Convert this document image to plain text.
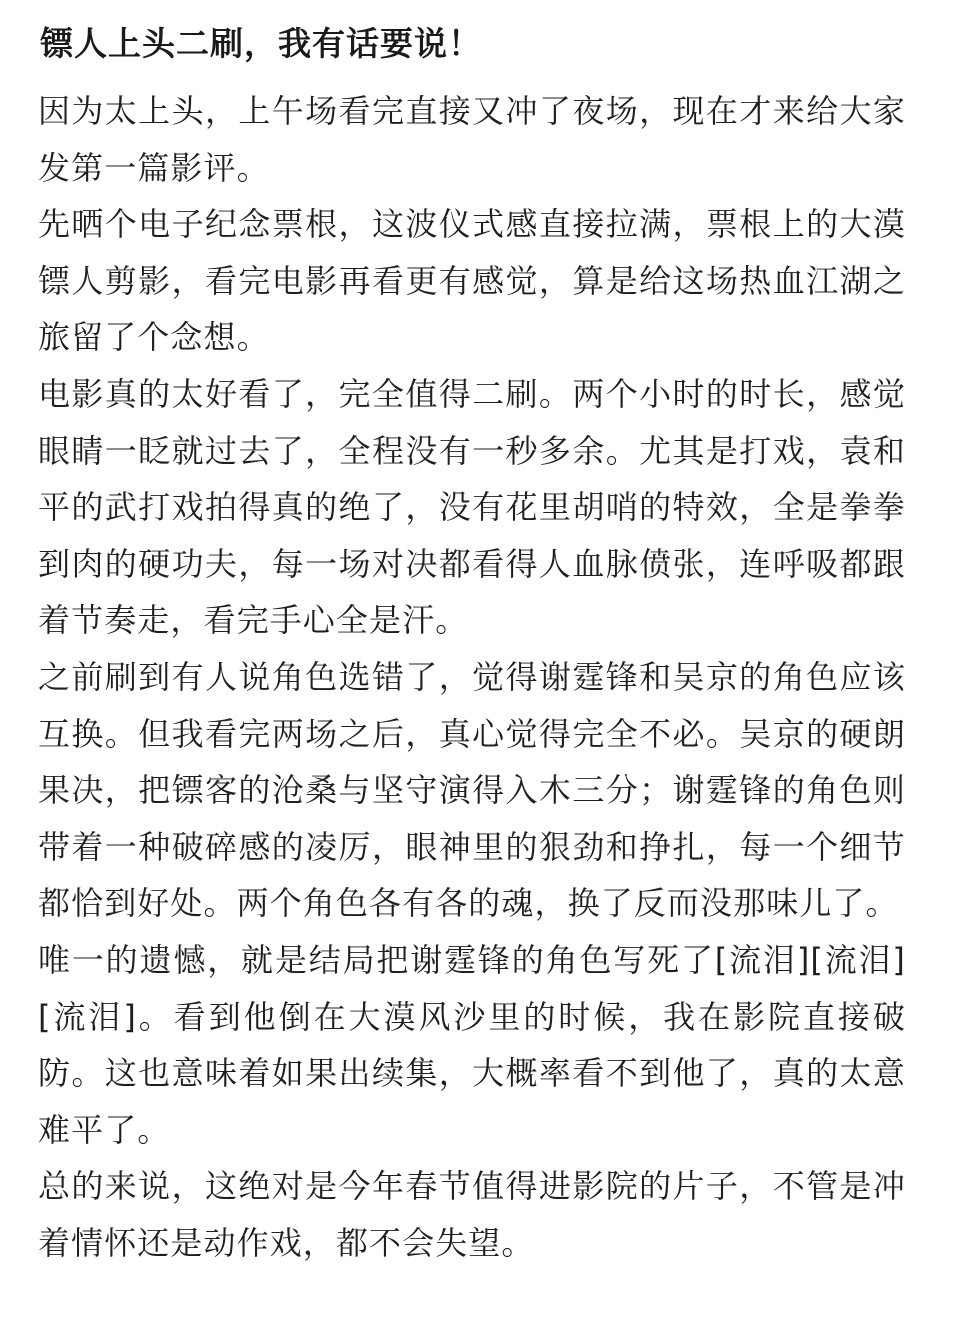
镖人上头二刷，我有话要说！

因为太上头，上午场看完直接又冲了夜场，现在才来给大家发第一篇影评。

先晒个电子纪念票根，这波仪式感直接拉满，票根上的大漠镖人剪影，看完电影再看更有感觉，算是给这场热血江湖之旅留了个念想。

电影真的太好看了，完全值得二刷。两个小时的时长，感觉眼睛一眨就过去了，全程没有一秒多余。尤其是打戏，袁和平的武打戏拍得真的绝了，没有花里胡哨的特效，全是拳拳到肉的硬功夫，每一场对决都看得人血脉偾张，连呼吸都跟着节奏走，看完手心全是汗。

之前刷到有人说角色选错了，觉得谢霆锋和吴京的角色应该互换。但我看完两场之后，真心觉得完全不必。吴京的硬朗果决，把镖客的沧桑与坚守演得入木三分；谢霆锋的角色则带着一种破碎感的凌厉，眼神里的狠劲和挣扎，每一个细节都恰到好处。两个角色各有各的魂，换了反而没那味儿了。

唯一的遗憾，就是结局把谢霆锋的角色写死了[流泪][流泪][流泪]。看到他倒在大漠风沙里的时候，我在影院直接破防。这也意味着如果出续集，大概率看不到他了，真的太意难平了。

总的来说，这绝对是今年春节值得进影院的片子，不管是冲着情怀还是动作戏，都不会失望。
